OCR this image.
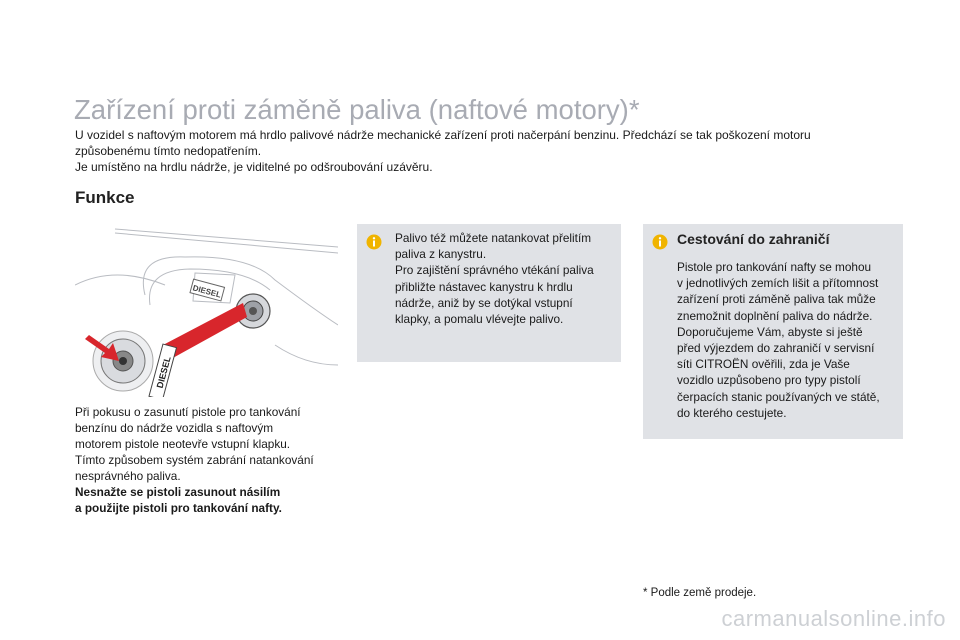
Zařízení proti záměně paliva (naftové motory)*

U vozidel s naftovým motorem má hrdlo palivové nádrže mechanické zařízení proti načerpání benzinu. Předchází se tak poškození motoru způsobenému tímto nedopatřením.

Je umístěno na hrdlu nádrže, je viditelné po odšroubování uzávěru.

Funkce
DIESEL
DIESEL

Při pokusu o zasunutí pistole pro tankování

benzínu do nádrže vozidla s naftovým

motorem pistole neotevře vstupní klapku.

Tímto způsobem systém zabrání natankování

nesprávného paliva.

Nesnažte se pistoli zasunout násilím

a použijte pistoli pro tankování nafty.

Palivo též můžete natankovat přelitím

paliva z kanystru.

Pro zajištění správného vtékání paliva

přibližte nástavec kanystru k hrdlu

nádrže, aniž by se dotýkal vstupní

klapky, a pomalu vlévejte palivo.

Cestování do zahraničí

Pistole pro tankování nafty se mohou

v jednotlivých zemích lišit a přítomnost

zařízení proti záměně paliva tak může

znemožnit doplnění paliva do nádrže.

Doporučujeme Vám, abyste si ještě

před výjezdem do zahraničí v servisní

síti CITROËN ověřili, zda je Vaše

vozidlo uzpůsobeno pro typy pistolí

čerpacích stanic používaných ve státě,

do kterého cestujete.

* Podle země prodeje.
carmanualsonline.info
